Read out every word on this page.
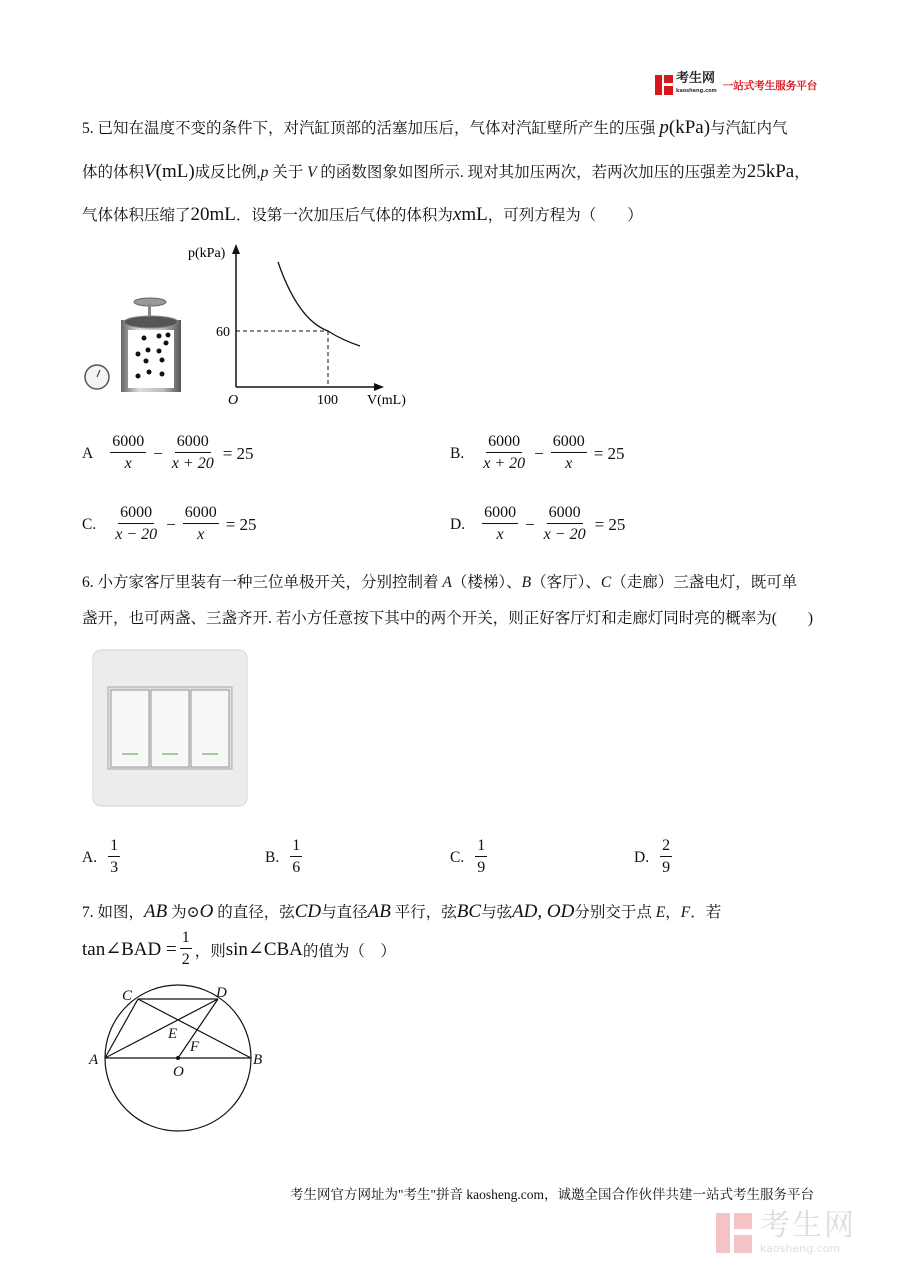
考生网
kaosheng.com 一站式考生服务平台
5. 已知在温度不变的条件下，对汽缸顶部的活塞加压后，气体对汽缸壁所产生的压强 p(kPa)与汽缸内气
体的体积V(mL)成反比例,p 关于 V 的函数图象如图所示. 现对其加压两次，若两次加压的压强差为25kPa，
气体体积压缩了20mL．设第一次加压后气体的体积为xmL，可列方程为（　　）
p(kPa)
60
O	100 V(mL)
A $\frac{6000}{x} - \frac{6000}{x + 20} = 25$	B. $\frac{6000}{x + 20} - \frac{6000}{x} = 25$
C. $\frac{6000}{x - 20} - \frac{6000}{x} = 25$	D. $\frac{6000}{x} - \frac{6000}{x - 20} = 25$
6. 小方家客厅里装有一种三位单极开关，分别控制着 A（楼梯）、B（客厅）、C（走廊）三盏电灯，既可单
盏开，也可两盏、三盏齐开. 若小方任意按下其中的两个开关，则正好客厅灯和走廊灯同时亮的概率为(　　)
A. $\frac{1}{3}$	B. $\frac{1}{6}$	C. $\frac{1}{9}$	D. $\frac{2}{9}$
7. 如图，AB 为⊙O 的直径，弦CD与直径AB 平行，弦BC与弦AD, OD分别交于点 E，F．若
tan∠BAD = $\frac{1}{2}$ ，则 sin∠CBA 的值为（　）
A	B
C	D
E
F
O
考生网官方网址为"考生"拼音 kaosheng.com，诚邀全国合作伙伴共建一站式考生服务平台
考生网
kaosheng.com
